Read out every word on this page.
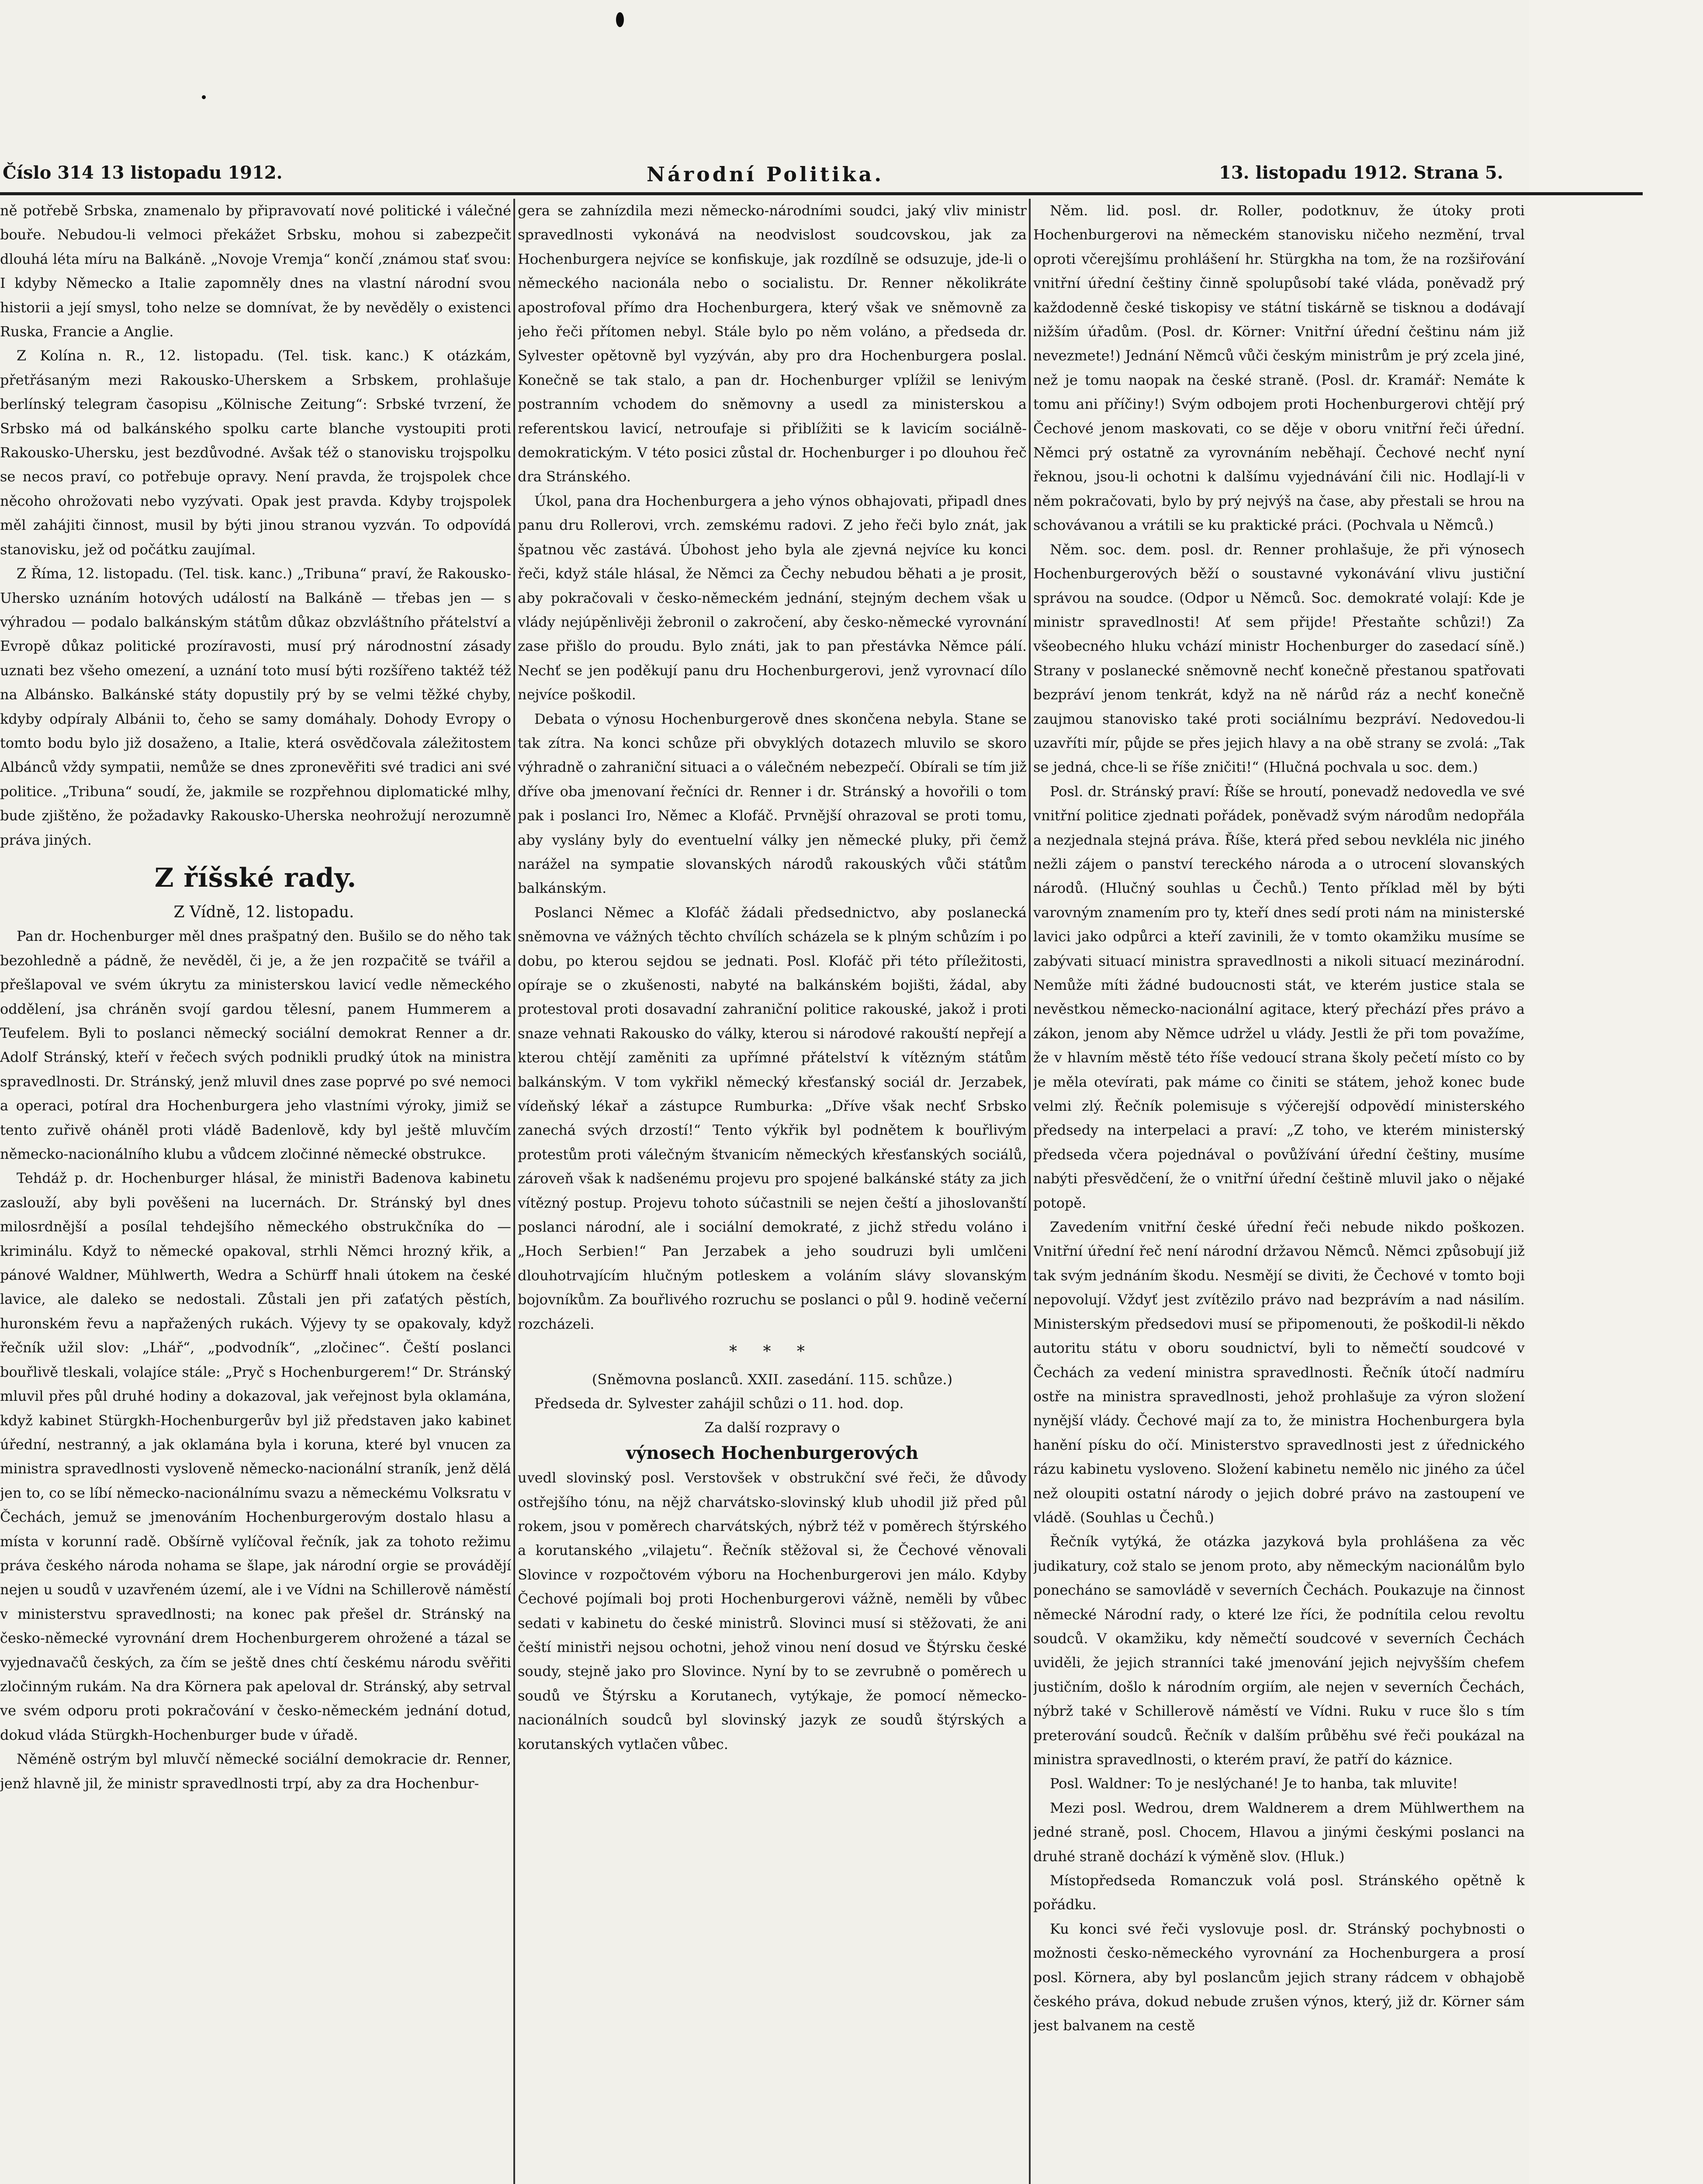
Číslo 314 13 listopadu 1912.	Národní Politika.	13. listopadu 1912. Strana 5.

ně potřebě Srbska, znamenalo by připravovatí nové politické i válečné bouře. Nebudou-li velmoci překážet Srbsku, mohou si zabezpečit dlouhá léta míru na Balkáně. „Novoje Vremja“ končí ,známou stať svou: I kdyby Německo a Italie zapomněly dnes na vlastní národní svou historii a její smysl, toho nelze se domnívat, že by nevěděly o existenci Ruska, Francie a Anglie.

Z Kolína n. R., 12. listopadu. (Tel. tisk. kanc.) K otázkám, přetřásaným mezi Rakousko-Uherskem a Srbskem, prohlašuje berlínský telegram časopisu „Kölnische Zeitung“: Srbské tvrzení, že Srbsko má od balkánského spolku carte blanche vystoupiti proti Rakousko-Uhersku, jest bezdůvodné. Avšak též o stanovisku trojspolku se necos praví, co potřebuje opravy. Není pravda, že trojspolek chce něcoho ohrožovati nebo vyzývati. Opak jest pravda. Kdyby trojspolek měl zahájiti činnost, musil by býti jinou stranou vyzván. To odpovídá stanovisku, jež od počátku zaujímal.

Z Říma, 12. listopadu. (Tel. tisk. kanc.) „Tribuna“ praví, že Rakousko-Uhersko uznáním hotových událostí na Balkáně — třebas jen — s výhradou — podalo balkánským státům důkaz obzvláštního přátelství a Evropě důkaz politické prozíravosti, musí prý národnostní zásady uznati bez všeho omezení, a uznání toto musí býti rozšířeno taktéž též na Albánsko. Balkánské státy dopustily prý by se velmi těžké chyby, kdyby odpíraly Albánii to, čeho se samy domáhaly. Dohody Evropy o tomto bodu bylo již dosaženo, a Italie, která osvědčovala záležitostem Albánců vždy sympatii, nemůže se dnes zpronevěřiti své tradici ani své politice. „Tribuna“ soudí, že, jakmile se rozpřehnou diplomatické mlhy, bude zjištěno, že požadavky Rakousko-Uherska neohrožují nerozumně práva jiných.

Z říšské rady.

Z Vídně, 12. listopadu.

Pan dr. Hochenburger měl dnes prašpatný den. Bušilo se do něho tak bezohledně a pádně, že nevěděl, či je, a že jen rozpačitě se tvářil a přešlapoval ve svém úkrytu za ministerskou lavicí vedle německého oddělení, jsa chráněn svojí gardou tělesní, panem Hummerem a Teufelem. Byli to poslanci německý sociální demokrat Renner a dr. Adolf Stránský, kteří v řečech svých podnikli prudký útok na ministra spravedlnosti. Dr. Stránský, jenž mluvil dnes zase poprvé po své nemoci a operaci, potíral dra Hochenburgera jeho vlastními výroky, jimiž se tento zuřivě oháněl proti vládě Badenlově, kdy byl ještě mluvčím německo-nacionálního klubu a vůdcem zločinné německé obstrukce.

Tehdáž p. dr. Hochenburger hlásal, že ministři Badenova kabinetu zaslouží, aby byli pověšeni na lucernách. Dr. Stránský byl dnes milosrdnější a posílal tehdejšího německého obstrukčníka do — kriminálu. Když to německé opakoval, strhli Němci hrozný křik, a pánové Waldner, Mühlwerth, Wedra a Schürff hnali útokem na české lavice, ale daleko se nedostali. Zůstali jen při zaťatých pěstích, huronském řevu a napřažených rukách. Výjevy ty se opakovaly, když řečník užil slov: „Lhář“, „podvodník“, „zločinec“. Čeští poslanci bouřlivě tleskali, volajíce stále: „Pryč s Hochenburgerem!“ Dr. Stránský mluvil přes půl druhé hodiny a dokazoval, jak veřejnost byla oklamána, když kabinet Stürgkh-Hochenburgerův byl již představen jako kabinet úřední, nestranný, a jak oklamána byla i koruna, které byl vnucen za ministra spravedlnosti vysloveně německo-nacionální straník, jenž dělá jen to, co se líbí německo-nacionálnímu svazu a německému Volksratu v Čechách, jemuž se jmenováním Hochenburgerovým dostalo hlasu a místa v korunní radě. Obšírně vylíčoval řečník, jak za tohoto režimu práva českého národa nohama se šlape, jak národní orgie se provádějí nejen u soudů v uzavřeném území, ale i ve Vídni na Schillerově náměstí v ministerstvu spravedlnosti; na konec pak přešel dr. Stránský na česko-německé vyrovnání drem Hochenburgerem ohrožené a tázal se vyjednavačů českých, za čím se ještě dnes chtí českému národu svěřiti zločinným rukám. Na dra Körnera pak apeloval dr. Stránský, aby setrval ve svém odporu proti pokračování v česko-německém jednání dotud, dokud vláda Stürgkh-Hochenburger bude v úřadě.

Něméně ostrým byl mluvčí německé sociální demokracie dr. Renner, jenž hlavně jil, že ministr spravedlnosti trpí, aby za dra Hochenbur-

gera se zahnízdila mezi německo-národními soudci, jaký vliv ministr spravedlnosti vykonává na neodvislost soudcovskou, jak za Hochenburgera nejvíce se konfiskuje, jak rozdílně se odsuzuje, jde-li o německého nacionála nebo o socialistu. Dr. Renner několikráte apostrofoval přímo dra Hochenburgera, který však ve sněmovně za jeho řeči přítomen nebyl. Stále bylo po něm voláno, a předseda dr. Sylvester opětovně byl vyzýván, aby pro dra Hochenburgera poslal. Konečně se tak stalo, a pan dr. Hochenburger vplížil se lenivým postranním vchodem do sněmovny a usedl za ministerskou a referentskou lavicí, netroufaje si přiblížiti se k lavicím sociálně-demokratickým. V této posici zůstal dr. Hochenburger i po dlouhou řeč dra Stránského.

Úkol, pana dra Hochenburgera a jeho výnos obhajovati, připadl dnes panu dru Rollerovi, vrch. zemskému radovi. Z jeho řeči bylo znát, jak špatnou věc zastává. Úbohost jeho byla ale zjevná nejvíce ku konci řeči, když stále hlásal, že Němci za Čechy nebudou běhati a je prosit, aby pokračovali v česko-německém jednání, stejným dechem však u vlády nejúpěnlivěji žebronil o zakročení, aby česko-německé vyrovnání zase přišlo do proudu. Bylo znáti, jak to pan přestávka Němce pálí. Nechť se jen poděkují panu dru Hochenburgerovi, jenž vyrovnací dílo nejvíce poškodil.

Debata o výnosu Hochenburgerově dnes skončena nebyla. Stane se tak zítra. Na konci schůze při obvyklých dotazech mluvilo se skoro výhradně o zahraniční situaci a o válečném nebezpečí. Obírali se tím již dříve oba jmenovaní řečníci dr. Renner i dr. Stránský a hovořili o tom pak i poslanci Iro, Němec a Klofáč. Prvnější ohrazoval se proti tomu, aby vyslány byly do eventuelní války jen německé pluky, při čemž narážel na sympatie slovanských národů rakouských vůči státům balkánským.

Poslanci Němec a Klofáč žádali předsednictvo, aby poslanecká sněmovna ve vážných těchto chvílích scházela se k plným schůzím i po dobu, po kterou sejdou se jednati. Posl. Klofáč při této příležitosti, opíraje se o zkušenosti, nabyté na balkánském bojišti, žádal, aby protestoval proti dosavadní zahraniční politice rakouské, jakož i proti snaze vehnati Rakousko do války, kterou si národové rakouští nepřejí a kterou chtějí zaměniti za upřímné přátelství k vítězným státům balkánským. V tom vykřikl německý křesťanský sociál dr. Jerzabek, vídeňský lékař a zástupce Rumburka: „Dříve však nechť Srbsko zanechá svých drzostí!“ Tento výkřik byl podnětem k bouřlivým protestům proti válečným štvanicím německých křesťanských sociálů, zároveň však k nadšenému projevu pro spojené balkánské státy za jich vítězný postup. Projevu tohoto súčastnili se nejen čeští a jihoslovanští poslanci národní, ale i sociální demokraté, z jichž středu voláno i „Hoch Serbien!“ Pan Jerzabek a jeho soudruzi byli umlčeni dlouhotrvajícím hlučným potleskem a voláním slávy slovanským bojovníkům. Za bouřlivého rozruchu se poslanci o půl 9. hodině večerní rozcházeli.

* * *

(Sněmovna poslanců. XXII. zasedání. 115. schůze.)

Předseda dr. Sylvester zahájil schůzi o 11. hod. dop.

Za další rozpravy o

výnosech Hochenburgerových

uvedl slovinský posl. Verstovšek v obstrukční své řeči, že důvody ostřejšího tónu, na nějž charvátsko-slovinský klub uhodil již před půl rokem, jsou v poměrech charvátských, nýbrž též v poměrech štýrského a korutanského „vilajetu“. Řečník stěžoval si, že Čechové věnovali Slovince v rozpočtovém výboru na Hochenburgerovi jen málo. Kdyby Čechové pojímali boj proti Hochenburgerovi vážně, neměli by vůbec sedati v kabinetu do české ministrů. Slovinci musí si stěžovati, že ani čeští ministři nejsou ochotni, jehož vinou není dosud ve Štýrsku české soudy, stejně jako pro Slovince. Nyní by to se zevrubně o poměrech u soudů ve Štýrsku a Korutanech, vytýkaje, že pomocí německo-nacionálních soudců byl slovinský jazyk ze soudů štýrských a korutanských vytlačen vůbec.

Něm. lid. posl. dr. Roller, podotknuv, že útoky proti Hochenburgerovi na německém stanovisku ničeho nezmění, trval oproti včerejšímu prohlášení hr. Stürgkha na tom, že na rozšiřování vnitřní úřední češtiny činně spolupůsobí také vláda, poněvadž prý každodenně české tiskopisy ve státní tiskárně se tisknou a dodávají nižším úřadům. (Posl. dr. Körner: Vnitřní úřední češtinu nám již nevezmete!) Jednání Němců vůči českým ministrům je prý zcela jiné, než je tomu naopak na české straně. (Posl. dr. Kramář: Nemáte k tomu ani příčiny!) Svým odbojem proti Hochenburgerovi chtějí prý Čechové jenom maskovati, co se děje v oboru vnitřní řeči úřední. Němci prý ostatně za vyrovnáním neběhají. Čechové nechť nyní řeknou, jsou-li ochotni k dalšímu vyjednávání čili nic. Hodlají-li v něm pokračovati, bylo by prý nejvýš na čase, aby přestali se hrou na schovávanou a vrátili se ku praktické práci. (Pochvala u Němců.)

Něm. soc. dem. posl. dr. Renner prohlašuje, že při výnosech Hochenburgerových běží o soustavné vykonávání vlivu justiční správou na soudce. (Odpor u Němců. Soc. demokraté volají: Kde je ministr spravedlnosti! Ať sem přijde! Přestaňte schůzi!) Za všeobecného hluku vchází ministr Hochenburger do zasedací síně.) Strany v poslanecké sněmovně nechť konečně přestanou spatřovati bezpráví jenom tenkrát, když na ně nárůd ráz a nechť konečně zaujmou stanovisko také proti sociálnímu bezpráví. Nedovedou-li uzavříti mír, půjde se přes jejich hlavy a na obě strany se zvolá: „Tak se jedná, chce-li se říše zničiti!“ (Hlučná pochvala u soc. dem.)

Posl. dr. Stránský praví: Říše se hroutí, ponevadž nedovedla ve své vnitřní politice zjednati pořádek, poněvadž svým národům nedopřála a nezjednala stejná práva. Říše, která před sebou nevkléla nic jiného nežli zájem o panství tereckého národa a o utrocení slovanských národů. (Hlučný souhlas u Čechů.) Tento příklad měl by býti varovným znamením pro ty, kteří dnes sedí proti nám na ministerské lavici jako odpůrci a kteří zavinili, že v tomto okamžiku musíme se zabývati situací ministra spravedlnosti a nikoli situací mezinárodní. Nemůže míti žádné budoucnosti stát, ve kterém justice stala se nevěstkou německo-nacionální agitace, který přechází přes právo a zákon, jenom aby Němce udržel u vlády. Jestli že při tom považíme, že v hlavním městě této říše vedoucí strana školy pečetí místo co by je měla otevírati, pak máme co činiti se státem, jehož konec bude velmi zlý. Řečník polemisuje s výčerejší odpovědí ministerského předsedy na interpelaci a praví: „Z toho, ve kterém ministerský předseda včera pojednával o povůžívání úřední češtiny, musíme nabýti přesvědčení, že o vnitřní úřední češtině mluvil jako o nějaké potopě.

Zavedením vnitřní české úřední řeči nebude nikdo poškozen. Vnitřní úřední řeč není národní državou Němců. Němci způsobují již tak svým jednáním škodu. Nesmějí se diviti, že Čechové v tomto boji nepovolují. Vždyť jest zvítězilo právo nad bezprávím a nad násilím. Ministerským předsedovi musí se připomenouti, že poškodil-li někdo autoritu státu v oboru soudnictví, byli to němečtí soudcové v Čechách za vedení ministra spravedlnosti. Řečník útočí nadmíru ostře na ministra spravedlnosti, jehož prohlašuje za výron složení nynější vlády. Čechové mají za to, že ministra Hochenburgera byla hanění písku do očí. Ministerstvo spravedlnosti jest z úřednického rázu kabinetu vysloveno. Složení kabinetu nemělo nic jiného za účel než oloupiti ostatní národy o jejich dobré právo na zastoupení ve vládě. (Souhlas u Čechů.)

Řečník vytýká, že otázka jazyková byla prohlášena za věc judikatury, což stalo se jenom proto, aby německým nacionálům bylo ponecháno se samovládě v severních Čechách. Poukazuje na činnost německé Národní rady, o které lze říci, že podnítila celou revoltu soudců. V okamžiku, kdy němečtí soudcové v severních Čechách uviděli, že jejich stranníci také jmenování jejich nejvyšším chefem justičním, došlo k národním orgiím, ale nejen v severních Čechách, nýbrž také v Schillerově náměstí ve Vídni. Ruku v ruce šlo s tím preterování soudců. Řečník v dalším průběhu své řeči poukázal na ministra spravedlnosti, o kterém praví, že patří do káznice.

Posl. Waldner: To je neslýchané! Je to hanba, tak mluvite!

Mezi posl. Wedrou, drem Waldnerem a drem Mühlwerthem na jedné straně, posl. Chocem, Hlavou a jinými českými poslanci na druhé straně dochází k výměně slov. (Hluk.)

Místopředseda Romanczuk volá posl. Stránského opětně k pořádku.

Ku konci své řeči vyslovuje posl. dr. Stránský pochybnosti o možnosti česko-německého vyrovnání za Hochenburgera a prosí posl. Körnera, aby byl poslancům jejich strany rádcem v obhajobě českého práva, dokud nebude zrušen výnos, který, již dr. Körner sám jest balvanem na cestě
